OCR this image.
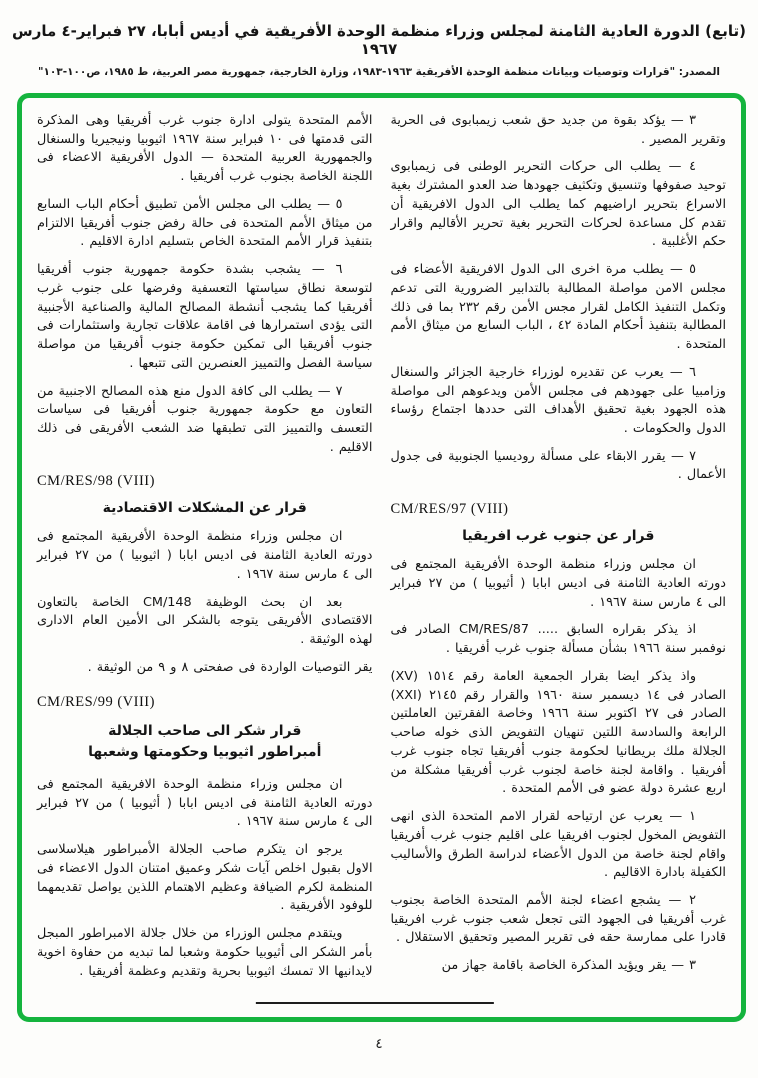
(تابع) الدورة العادية الثامنة لمجلس وزراء منظمة الوحدة الأفريقية في أديس أبابا، ٢٧ فبراير-٤ مارس ١٩٦٧
المصدر: "قرارات وتوصيات وبيانات منظمة الوحدة الأفريقية ١٩٦٣-١٩٨٣، وزارة الخارجية، جمهورية مصر العربية، ط ١٩٨٥، ص١٠٠-١٠٣"

٣ — يؤكد بقوة من جديد حق شعب زيمبابوى فى الحرية وتقرير المصير .

٤ — يطلب الى حركات التحرير الوطنى فى زيمبابوى توحيد صفوفها وتنسيق وتكثيف جهودها ضد العدو المشترك بغية الاسراع بتحرير اراضيهم كما يطلب الى الدول الافريقية أن تقدم كل مساعدة لحركات التحرير بغية تحرير الأقاليم واقرار حكم الأغلبية .

٥ — يطلب مرة اخرى الى الدول الافريقية الأعضاء فى مجلس الامن مواصلة المطالبة بالتدابير الضرورية التى تدعم وتكمل التنفيذ الكامل لقرار مجس الأمن رقم ٢٣٢ بما فى ذلك المطالبة بتنفيذ أحكام المادة ٤٢ ، الباب السابع من ميثاق الأمم المتحدة .

٦ — يعرب عن تقديره لوزراء خارجية الجزائر والسنغال وزامبيا على جهودهم فى مجلس الأمن ويدعوهم الى مواصلة هذه الجهود بغية تحقيق الأهداف التى حددها اجتماع رؤساء الدول والحكومات .

٧ — يقرر الابقاء على مسألة روديسيا الجنوبية فى جدول الأعمال .

CM/RES/97 (VIII)
قرار عن جنوب غرب افريقيا

ان مجلس وزراء منظمة الوحدة الأفريقية المجتمع فى دورته العادية الثامنة فى اديس ابابا ( أثيوبيا ) من ٢٧ فبراير الى ٤ مارس سنة ١٩٦٧ .

اذ يذكر بقراره السابق ..... CM/RES/87 الصادر فى نوفمبر سنة ١٩٦٦ بشأن مسألة جنوب غرب أفريقيا .

واذ يذكر ايضا بقرار الجمعية العامة رقم ١٥١٤ (XV) الصادر فى ١٤ ديسمبر سنة ١٩٦٠ والقرار رقم ٢١٤٥ (XXI) الصادر فى ٢٧ اكتوبر سنة ١٩٦٦ وخاصة الفقرتين العاملتين الرابعة والسادسة اللتين تنهيان التفويض الذى خوله صاحب الجلالة ملك بريطانيا لحكومة جنوب أفريقيا تجاه جنوب غرب أفريقيا . واقامة لجنة خاصة لجنوب غرب أفريقيا مشكلة من اربع عشرة دولة عضو فى الأمم المتحدة .

١ — يعرب عن ارتياحه لقرار الامم المتحدة الذى انهى التفويض المخول لجنوب افريقيا على اقليم جنوب غرب أفريقيا واقام لجنة خاصة من الدول الأعضاء لدراسة الطرق والأساليب الكفيلة بادارة الاقاليم .

٢ — يشجع اعضاء لجنة الأمم المتحدة الخاصة بجنوب غرب أفريقيا فى الجهود التى تجعل شعب جنوب غرب افريقيا قادرا على ممارسة حقه فى تقرير المصير وتحقيق الاستقلال .

٣ — يقر ويؤيد المذكرة الخاصة باقامة جهاز من

الأمم المتحدة يتولى ادارة جنوب غرب أفريقيا وهى المذكرة التى قدمتها فى ١٠ فبراير سنة ١٩٦٧ اثيوبيا ونيجيريا والسنغال والجمهورية العربية المتحدة — الدول الأفريقية الاعضاء فى اللجنة الخاصة بجنوب غرب أفريقيا .

٥ — يطلب الى مجلس الأمن تطبيق أحكام الباب السابع من ميثاق الأمم المتحدة فى حالة رفض جنوب أفريقيا الالتزام بتنفيذ قرار الأمم المتحدة الخاص بتسليم ادارة الاقليم .

٦ — يشجب بشدة حكومة جمهورية جنوب أفريقيا لتوسعة نطاق سياستها التعسفية وفرضها على جنوب غرب أفريقيا كما يشجب أنشطة المصالح المالية والصناعية الأجنبية التى يؤدى استمرارها فى اقامة علاقات تجارية واستثمارات فى جنوب أفريقيا الى تمكين حكومة جنوب أفريقيا من مواصلة سياسة الفصل والتمييز العنصرين التى تتبعها .

٧ — يطلب الى كافة الدول منع هذه المصالح الاجنبية من التعاون مع حكومة جمهورية جنوب أفريقيا فى سياسات التعسف والتمييز التى تطبقها ضد الشعب الأفريقى فى ذلك الاقليم .

CM/RES/98 (VIII)
قرار عن المشكلات الاقتصادية

ان مجلس وزراء منظمة الوحدة الأفريقية المجتمع فى دورته العادية الثامنة فى اديس ابابا ( اثيوبيا ) من ٢٧ فبراير الى ٤ مارس سنة ١٩٦٧ .

بعد ان بحث الوظيفة CM/148 الخاصة بالتعاون الاقتصادى الأفريقى يتوجه بالشكر الى الأمين العام الادارى لهذه الوثيقة .

يقر التوصيات الواردة فى صفحتى ٨ و ٩ من الوثيقة .

CM/RES/99 (VIII)
قرار شكر الى صاحب الجلالة
أمبراطور اثيوبيا وحكومتها وشعبها

ان مجلس وزراء منظمة الوحدة الافريقية المجتمع فى دورته العادية الثامنة فى اديس ابابا ( أثيوبيا ) من ٢٧ فبراير الى ٤ مارس سنة ١٩٦٧ .

يرجو ان يتكرم صاحب الجلالة الأمبراطور هيلاسلاسى الاول بقبول اخلص آيات شكر وعميق امتنان الدول الاعضاء فى المنظمة لكرم الضيافة وعظيم الاهتمام اللذين يواصل تقديمهما للوفود الأفريقية .

ويتقدم مجلس الوزراء من خلال جلالة الامبراطور المبجل بأمر الشكر الى أثيوبيا حكومة وشعبا لما تبديه من حفاوة اخوية لايدانيها الا تمسك اثيوبيا بحرية وتقديم وعظمة أفريقيا .

٤
